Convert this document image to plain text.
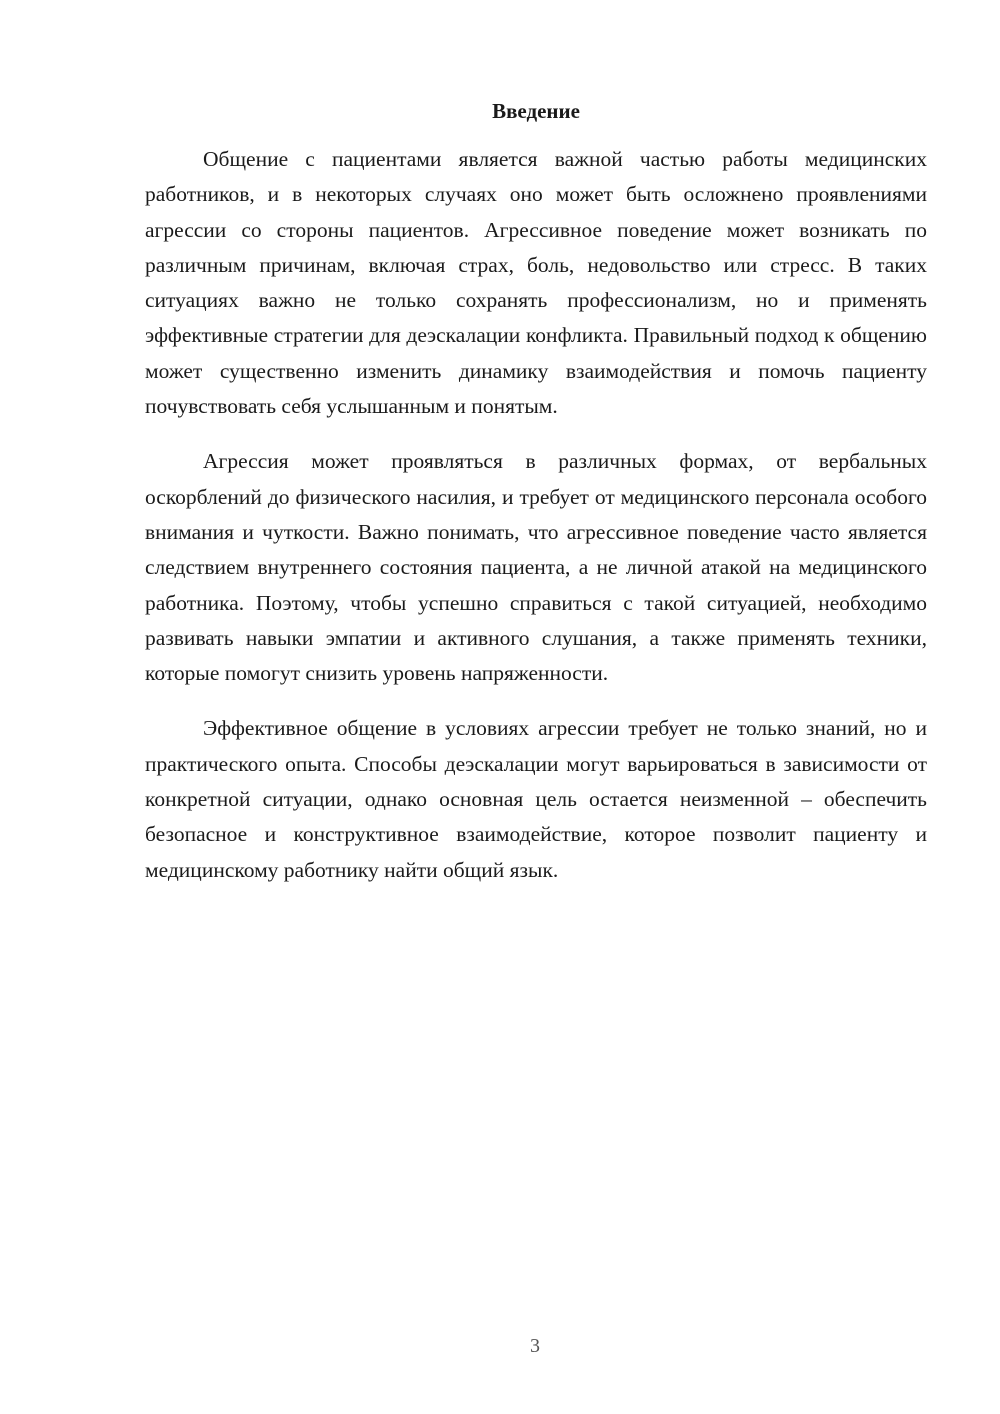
Введение

Общение с пациентами является важной частью работы медицинских работников, и в некоторых случаях оно может быть осложнено проявлениями агрессии со стороны пациентов. Агрессивное поведение может возникать по различным причинам, включая страх, боль, недовольство или стресс. В таких ситуациях важно не только сохранять профессионализм, но и применять эффективные стратегии для деэскалации конфликта. Правильный подход к общению может существенно изменить динамику взаимодействия и помочь пациенту почувствовать себя услышанным и понятым.

Агрессия может проявляться в различных формах, от вербальных оскорблений до физического насилия, и требует от медицинского персонала особого внимания и чуткости. Важно понимать, что агрессивное поведение часто является следствием внутреннего состояния пациента, а не личной атакой на медицинского работника. Поэтому, чтобы успешно справиться с такой ситуацией, необходимо развивать навыки эмпатии и активного слушания, а также применять техники, которые помогут снизить уровень напряженности.

Эффективное общение в условиях агрессии требует не только знаний, но и практического опыта. Способы деэскалации могут варьироваться в зависимости от конкретной ситуации, однако основная цель остается неизменной – обеспечить безопасное и конструктивное взаимодействие, которое позволит пациенту и медицинскому работнику найти общий язык.

3
